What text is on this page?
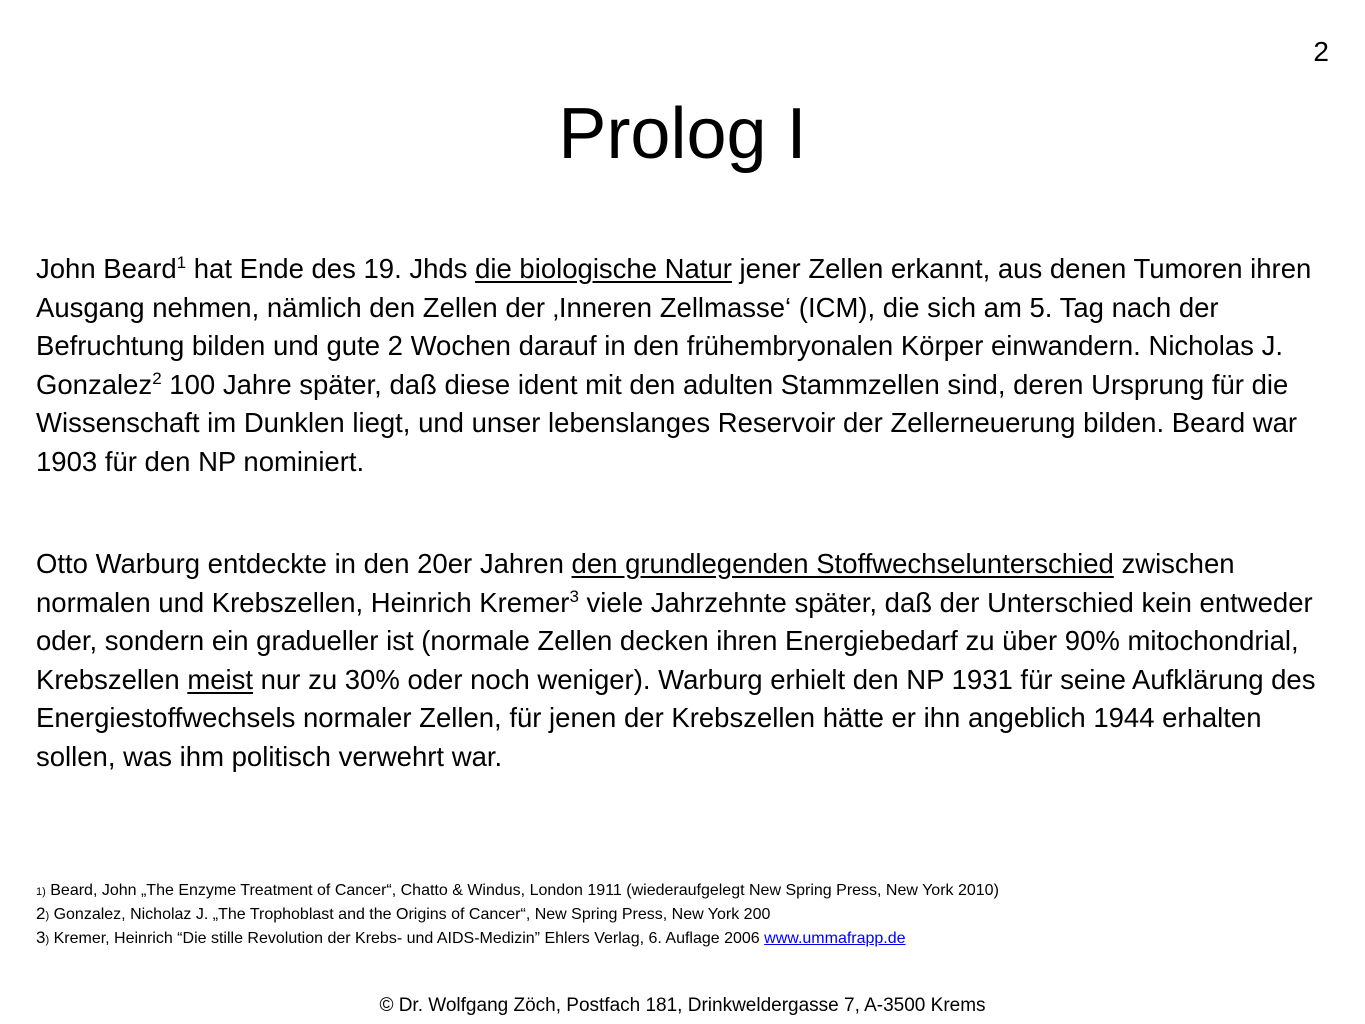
2
Prolog I

John Beard$^1$ hat Ende des 19. Jhds die biologische Natur jener Zellen erkannt, aus denen Tumoren ihren Ausgang nehmen, nämlich den Zellen der ‚Inneren Zellmasse‘ (ICM), die sich am 5. Tag nach der Befruchtung bilden und gute 2 Wochen darauf in den frühembryonalen Körper einwandern. Nicholas J. Gonzalez$^2$ 100 Jahre später, daß diese ident mit den adulten Stammzellen sind, deren Ursprung für die Wissenschaft im Dunklen liegt, und unser lebenslanges Reservoir der Zellerneuerung bilden. Beard war 1903 für den NP nominiert.

Otto Warburg entdeckte in den 20er Jahren den grundlegenden Stoffwechselunterschied zwischen normalen und Krebszellen, Heinrich Kremer$^3$ viele Jahrzehnte später, daß der Unterschied kein entweder oder, sondern ein gradueller ist (normale Zellen decken ihren Energiebedarf zu über 90% mitochondrial, Krebszellen meist nur zu 30% oder noch weniger). Warburg erhielt den NP 1931 für seine Aufklärung des Energiestoffwechsels normaler Zellen, für jenen der Krebszellen hätte er ihn angeblich 1944 erhalten sollen, was ihm politisch verwehrt war.

1) Beard, John „The Enzyme Treatment of Cancer“, Chatto & Windus, London 1911 (wiederaufgelegt New Spring Press, New York 2010)
2) Gonzalez, Nicholaz J. „The Trophoblast and the Origins of Cancer“, New Spring Press, New York 200
3) Kremer, Heinrich “Die stille Revolution der Krebs- und AIDS-Medizin” Ehlers Verlag, 6. Auflage 2006 www.ummafrapp.de
© Dr. Wolfgang Zöch, Postfach 181, Drinkweldergasse 7, A-3500 Krems
